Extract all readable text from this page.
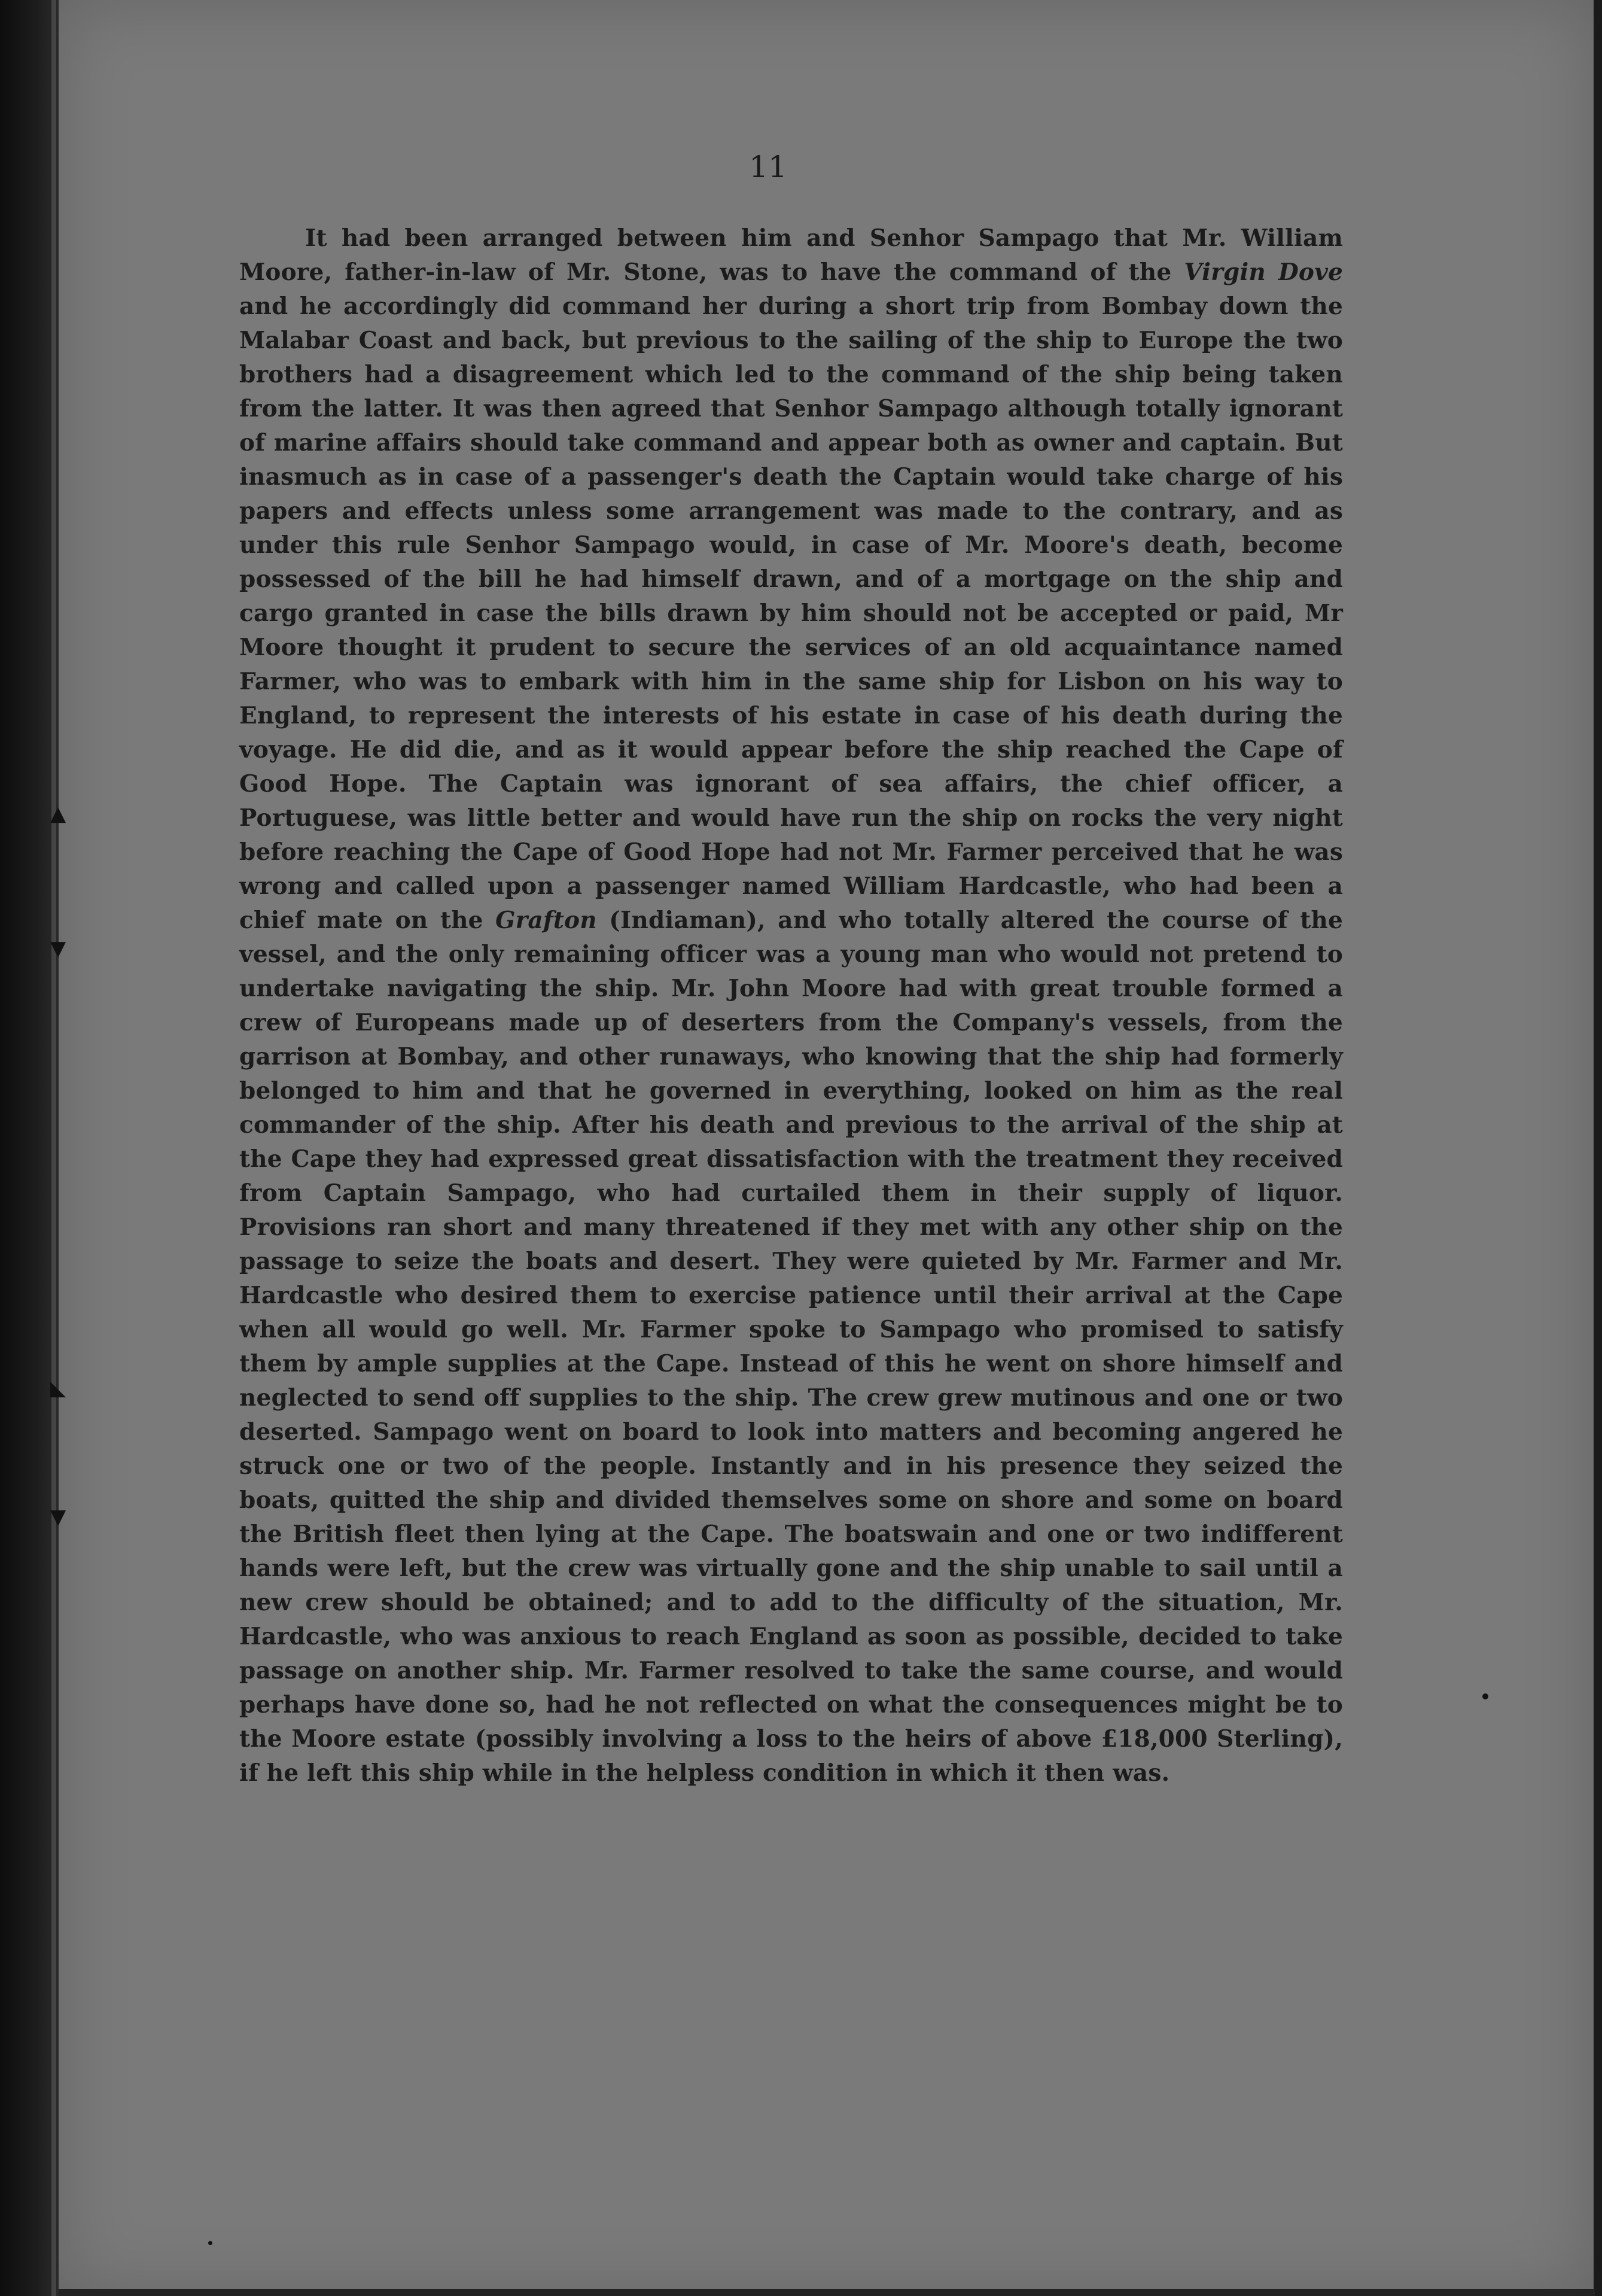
11

It had been arranged between him and Senhor Sampago that Mr. William Moore, father-in-law of Mr. Stone, was to have the command of the Virgin Dove and he accordingly did command her during a short trip from Bombay down the Malabar Coast and back, but previous to the sailing of the ship to Europe the two brothers had a disagreement which led to the command of the ship being taken from the latter. It was then agreed that Senhor Sampago although totally ignorant of marine affairs should take command and appear both as owner and captain. But inasmuch as in case of a passenger's death the Captain would take charge of his papers and effects unless some arrangement was made to the contrary, and as under this rule Senhor Sampago would, in case of Mr. Moore's death, become possessed of the bill he had himself drawn, and of a mortgage on the ship and cargo granted in case the bills drawn by him should not be accepted or paid, Mr Moore thought it prudent to secure the services of an old acquaintance named Farmer, who was to embark with him in the same ship for Lisbon on his way to England, to represent the interests of his estate in case of his death during the voyage. He did die, and as it would appear before the ship reached the Cape of Good Hope. The Captain was ignorant of sea affairs, the chief officer, a Portuguese, was little better and would have run the ship on rocks the very night before reaching the Cape of Good Hope had not Mr. Farmer perceived that he was wrong and called upon a passenger named William Hardcastle, who had been a chief mate on the Grafton (Indiaman), and who totally altered the course of the vessel, and the only remaining officer was a young man who would not pretend to undertake navigating the ship. Mr. John Moore had with great trouble formed a crew of Europeans made up of deserters from the Company's vessels, from the garrison at Bombay, and other runaways, who knowing that the ship had formerly belonged to him and that he governed in everything, looked on him as the real commander of the ship. After his death and previous to the arrival of the ship at the Cape they had expressed great dissatisfaction with the treatment they received from Captain Sampago, who had curtailed them in their supply of liquor. Provisions ran short and many threatened if they met with any other ship on the passage to seize the boats and desert. They were quieted by Mr. Farmer and Mr. Hardcastle who desired them to exercise patience until their arrival at the Cape when all would go well. Mr. Farmer spoke to Sampago who promised to satisfy them by ample supplies at the Cape. Instead of this he went on shore himself and neglected to send off supplies to the ship. The crew grew mutinous and one or two deserted. Sampago went on board to look into matters and becoming angered he struck one or two of the people. Instantly and in his presence they seized the boats, quitted the ship and divided themselves some on shore and some on board the British fleet then lying at the Cape. The boatswain and one or two indifferent hands were left, but the crew was virtually gone and the ship unable to sail until a new crew should be obtained; and to add to the difficulty of the situation, Mr. Hardcastle, who was anxious to reach England as soon as possible, decided to take passage on another ship. Mr. Farmer resolved to take the same course, and would perhaps have done so, had he not reflected on what the consequences might be to the Moore estate (possibly involving a loss to the heirs of above £18,000 Sterling), if he left this ship while in the helpless condition in which it then was.

▲
▼
◣
▼
